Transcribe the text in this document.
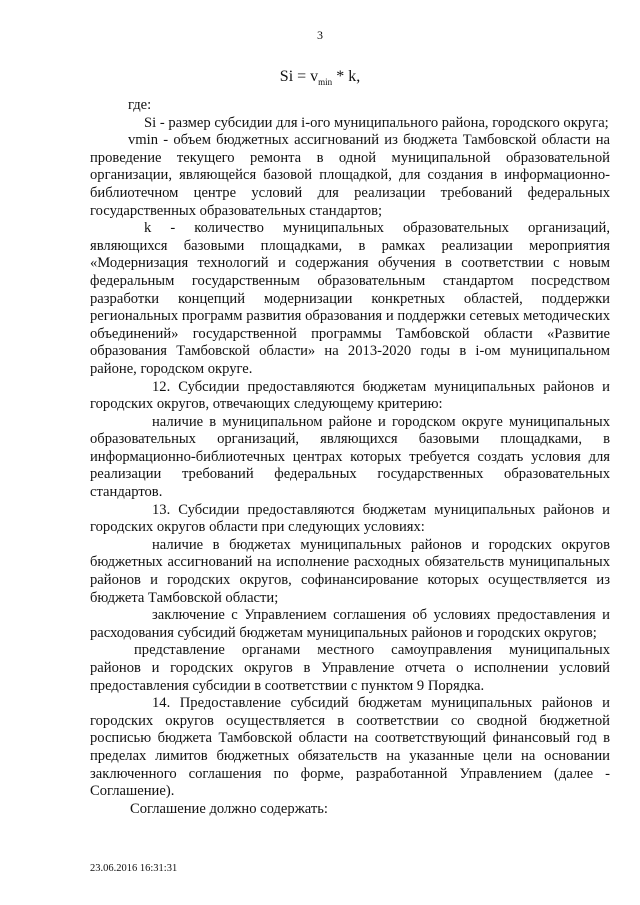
3
$Si = v_{min} * k$,

где:

Si - размер субсидии для i-ого муниципального района, городского округа;

vmin - объем бюджетных ассигнований из бюджета Тамбовской области на проведение текущего ремонта в одной муниципальной образовательной организации, являющейся базовой площадкой, для создания в информационно-библиотечном центре условий для реализации требований федеральных государственных образовательных стандартов;

k - количество муниципальных образовательных организаций, являющихся базовыми площадками, в рамках реализации мероприятия «Модернизация технологий и содержания обучения в соответствии с новым федеральным государственным образовательным стандартом посредством разработки концепций модернизации конкретных областей, поддержки региональных программ развития образования и поддержки сетевых методических объединений» государственной программы Тамбовской области «Развитие образования Тамбовской области» на 2013-2020 годы в i-ом муниципальном районе, городском округе.

12. Субсидии предоставляются бюджетам муниципальных районов и городских округов, отвечающих следующему критерию:

наличие в муниципальном районе и городском округе муниципальных образовательных организаций, являющихся базовыми площадками, в информационно-библиотечных центрах которых требуется создать условия для реализации требований федеральных государственных образовательных стандартов.

13. Субсидии предоставляются бюджетам муниципальных районов и городских округов области при следующих условиях:

наличие в бюджетах муниципальных районов и городских округов бюджетных ассигнований на исполнение расходных обязательств муниципальных районов и городских округов, софинансирование которых осуществляется из бюджета Тамбовской области;

заключение с Управлением соглашения об условиях предоставления и расходования субсидий бюджетам муниципальных районов и городских округов;

представление органами местного самоуправления муниципальных районов и городских округов в Управление отчета о исполнении условий предоставления субсидии в соответствии с пунктом 9 Порядка.

14. Предоставление субсидий бюджетам муниципальных районов и городских округов осуществляется в соответствии со сводной бюджетной росписью бюджета Тамбовской области на соответствующий финансовый год в пределах лимитов бюджетных обязательств на указанные цели на основании заключенного соглашения по форме, разработанной Управлением (далее - Соглашение).

Соглашение должно содержать:

23.06.2016 16:31:31
